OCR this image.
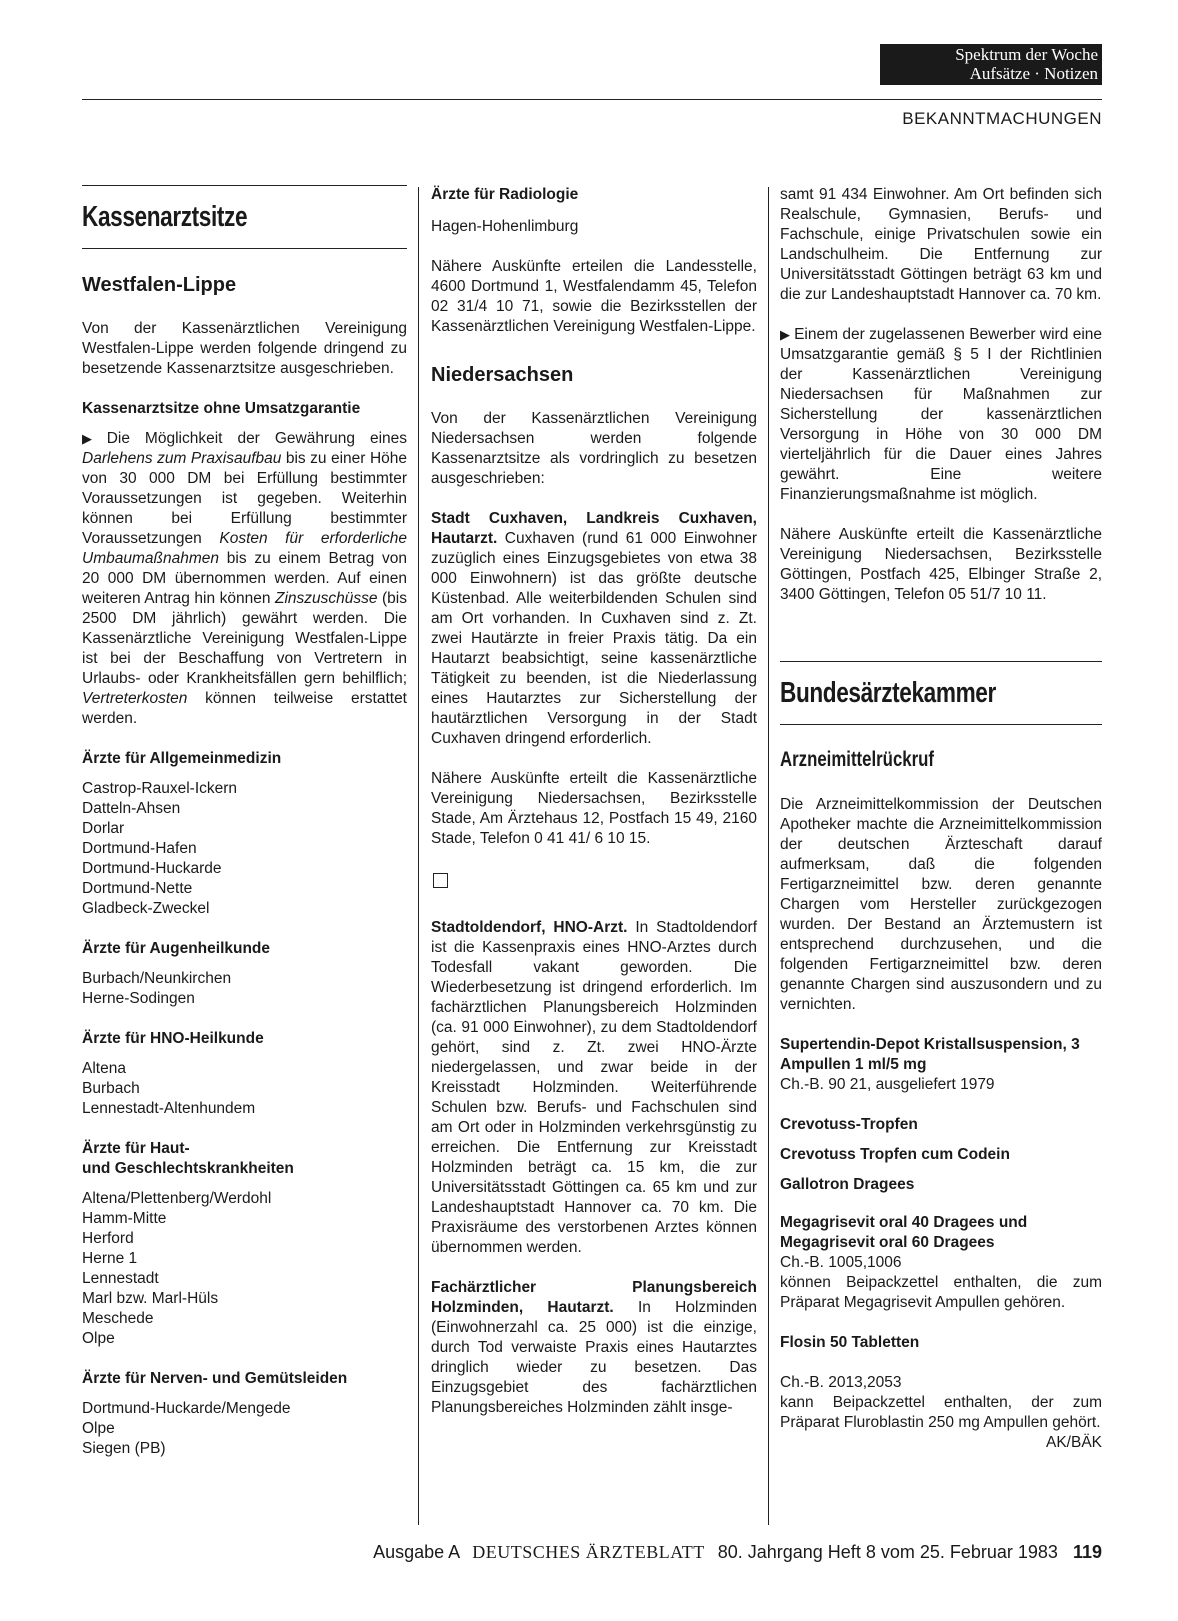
Spektrum der Woche
Aufsätze · Notizen
BEKANNTMACHUNGEN
Kassenarztsitze
Westfalen-Lippe

Von der Kassenärztlichen Vereinigung Westfalen-Lippe werden folgende dringend zu besetzende Kassenarztsitze ausgeschrieben.

Kassenarztsitze ohne Umsatzgarantie

▶ Die Möglichkeit der Gewährung eines Darlehens zum Praxisaufbau bis zu einer Höhe von 30 000 DM bei Erfüllung bestimmter Voraussetzungen ist gegeben. Weiterhin können bei Erfüllung bestimmter Voraussetzungen Kosten für erforderliche Umbaumaßnahmen bis zu einem Betrag von 20 000 DM übernommen werden. Auf einen weiteren Antrag hin können Zinszuschüsse (bis 2500 DM jährlich) gewährt werden. Die Kassenärztliche Vereinigung Westfalen-Lippe ist bei der Beschaffung von Vertretern in Urlaubs- oder Krankheitsfällen gern behilflich; Vertreterkosten können teilweise erstattet werden.

Ärzte für Allgemeinmedizin
Castrop-Rauxel-Ickern
Datteln-Ahsen
Dorlar
Dortmund-Hafen
Dortmund-Huckarde
Dortmund-Nette
Gladbeck-Zweckel
Ärzte für Augenheilkunde
Burbach/Neunkirchen
Herne-Sodingen
Ärzte für HNO-Heilkunde
Altena
Burbach
Lennestadt-Altenhundem
Ärzte für Haut-
und Geschlechtskrankheiten
Altena/Plettenberg/Werdohl
Hamm-Mitte
Herford
Herne 1
Lennestadt
Marl bzw. Marl-Hüls
Meschede
Olpe
Ärzte für Nerven- und Gemütsleiden
Dortmund-Huckarde/Mengede
Olpe
Siegen (PB)
Ärzte für Radiologie

Hagen-Hohenlimburg

Nähere Auskünfte erteilen die Landesstelle, 4600 Dortmund 1, Westfalendamm 45, Telefon 02 31/4 10 71, sowie die Bezirksstellen der Kassenärztlichen Vereinigung Westfalen-Lippe.

Niedersachsen

Von der Kassenärztlichen Vereinigung Niedersachsen werden folgende Kassenarztsitze als vordringlich zu besetzen ausgeschrieben:

Stadt Cuxhaven, Landkreis Cuxhaven, Hautarzt. Cuxhaven (rund 61 000 Einwohner zuzüglich eines Einzugsgebietes von etwa 38 000 Einwohnern) ist das größte deutsche Küstenbad. Alle weiterbildenden Schulen sind am Ort vorhanden. In Cuxhaven sind z. Zt. zwei Hautärzte in freier Praxis tätig. Da ein Hautarzt beabsichtigt, seine kassenärztliche Tätigkeit zu beenden, ist die Niederlassung eines Hautarztes zur Sicherstellung der hautärztlichen Versorgung in der Stadt Cuxhaven dringend erforderlich.

Nähere Auskünfte erteilt die Kassenärztliche Vereinigung Niedersachsen, Bezirksstelle Stade, Am Ärztehaus 12, Postfach 15 49, 2160 Stade, Telefon 0 41 41/ 6 10 15.

Stadtoldendorf, HNO-Arzt. In Stadtoldendorf ist die Kassenpraxis eines HNO-Arztes durch Todesfall vakant geworden. Die Wiederbesetzung ist dringend erforderlich. Im fachärztlichen Planungsbereich Holzminden (ca. 91 000 Einwohner), zu dem Stadtoldendorf gehört, sind z. Zt. zwei HNO-Ärzte niedergelassen, und zwar beide in der Kreisstadt Holzminden. Weiterführende Schulen bzw. Berufs- und Fachschulen sind am Ort oder in Holzminden verkehrsgünstig zu erreichen. Die Entfernung zur Kreisstadt Holzminden beträgt ca. 15 km, die zur Universitätsstadt Göttingen ca. 65 km und zur Landeshauptstadt Hannover ca. 70 km. Die Praxisräume des verstorbenen Arztes können übernommen werden.

Fachärztlicher Planungsbereich Holzminden, Hautarzt. In Holzminden (Einwohnerzahl ca. 25 000) ist die einzige, durch Tod verwaiste Praxis eines Hautarztes dringlich wieder zu besetzen. Das Einzugsgebiet des fachärztlichen Planungsbereiches Holzminden zählt insge-

samt 91 434 Einwohner. Am Ort befinden sich Realschule, Gymnasien, Berufs- und Fachschule, einige Privatschulen sowie ein Landschulheim. Die Entfernung zur Universitätsstadt Göttingen beträgt 63 km und die zur Landeshauptstadt Hannover ca. 70 km.

▶ Einem der zugelassenen Bewerber wird eine Umsatzgarantie gemäß § 5 I der Richtlinien der Kassenärztlichen Vereinigung Niedersachsen für Maßnahmen zur Sicherstellung der kassenärztlichen Versorgung in Höhe von 30 000 DM vierteljährlich für die Dauer eines Jahres gewährt. Eine weitere Finanzierungsmaßnahme ist möglich.

Nähere Auskünfte erteilt die Kassenärztliche Vereinigung Niedersachsen, Bezirksstelle Göttingen, Postfach 425, Elbinger Straße 2, 3400 Göttingen, Telefon 05 51/7 10 11.

Bundesärztekammer
Arzneimittelrückruf

Die Arzneimittelkommission der Deutschen Apotheker machte die Arzneimittelkommission der deutschen Ärzteschaft darauf aufmerksam, daß die folgenden Fertigarzneimittel bzw. deren genannte Chargen vom Hersteller zurückgezogen wurden. Der Bestand an Ärztemustern ist entsprechend durchzusehen, und die folgenden Fertigarzneimittel bzw. deren genannte Chargen sind auszusondern und zu vernichten.

Supertendin-Depot Kristallsuspension, 3 Ampullen 1 ml/5 mg

Ch.-B. 90 21, ausgeliefert 1979

Crevotuss-Tropfen
Crevotuss Tropfen cum Codein
Gallotron Dragees
Megagrisevit oral 40 Dragees und Megagrisevit oral 60 Dragees
Ch.-B. 1005,1006

können Beipackzettel enthalten, die zum Präparat Megagrisevit Ampullen gehören.

Flosin 50 Tabletten
Ch.-B. 2013,2053

kann Beipackzettel enthalten, der zum Präparat Fluroblastin 250 mg Ampullen gehört.
AK/BÄK

Ausgabe A DEUTSCHES ÄRZTEBLATT 80. Jahrgang Heft 8 vom 25. Februar 1983 119
